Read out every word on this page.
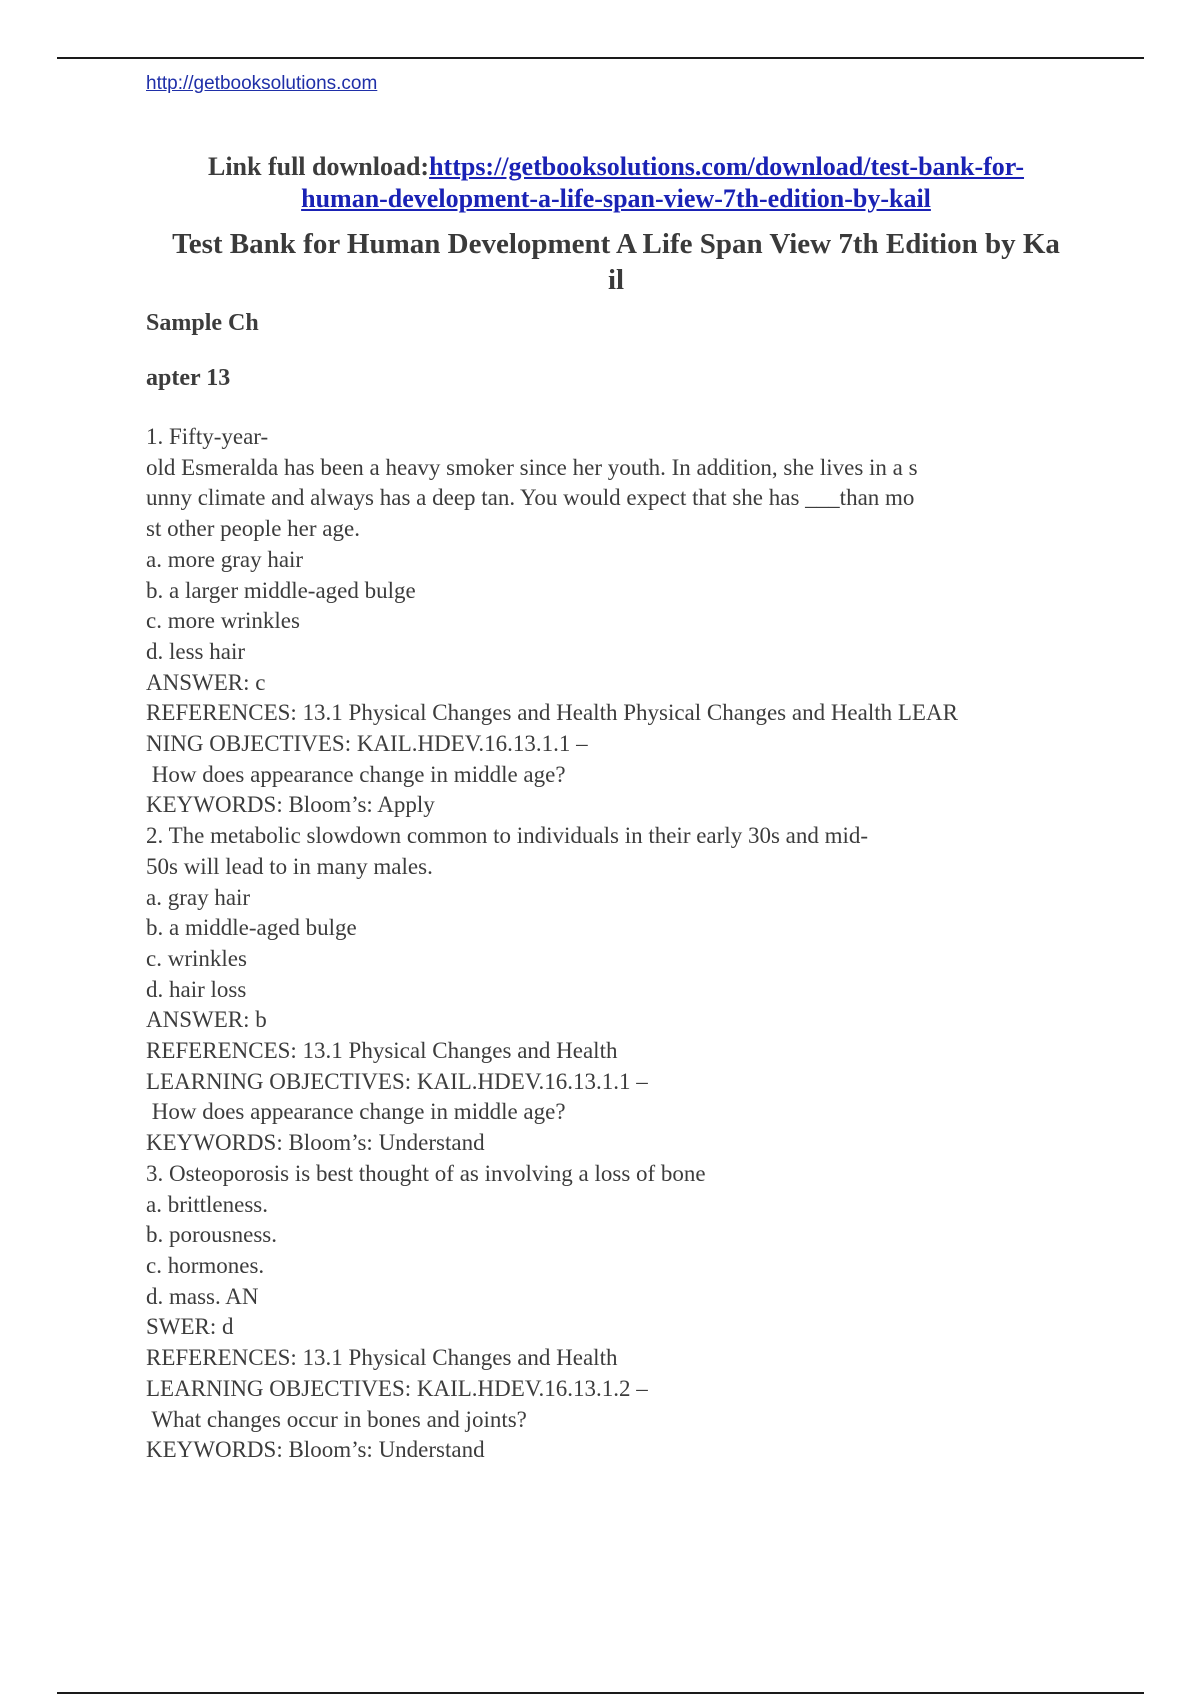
http://getbooksolutions.com
Link full download:https://getbooksolutions.com/download/test-bank-for-
human-development-a-life-span-view-7th-edition-by-kail
Test Bank for Human Development A Life Span View 7th Edition by Ka
il
Sample Ch
apter 13
1. Fifty-year-
old Esmeralda has been a heavy smoker since her youth. In addition, she lives in a s
unny climate and always has a deep tan. You would expect that she has ___than mo
st other people her age.
a. more gray hair
b. a larger middle-aged bulge
c. more wrinkles
d. less hair
ANSWER: c
REFERENCES: 13.1 Physical Changes and Health Physical Changes and Health LEAR
NING OBJECTIVES: KAIL.HDEV.16.13.1.1 –
How does appearance change in middle age?
KEYWORDS: Bloom’s: Apply
2. The metabolic slowdown common to individuals in their early 30s and mid-
50s will lead to in many males.
a. gray hair
b. a middle-aged bulge
c. wrinkles
d. hair loss
ANSWER: b
REFERENCES: 13.1 Physical Changes and Health
LEARNING OBJECTIVES: KAIL.HDEV.16.13.1.1 –
How does appearance change in middle age?
KEYWORDS: Bloom’s: Understand
3. Osteoporosis is best thought of as involving a loss of bone
a. brittleness.
b. porousness.
c. hormones.
d. mass. AN
SWER: d
REFERENCES: 13.1 Physical Changes and Health
LEARNING OBJECTIVES: KAIL.HDEV.16.13.1.2 –
What changes occur in bones and joints?
KEYWORDS: Bloom’s: Understand
